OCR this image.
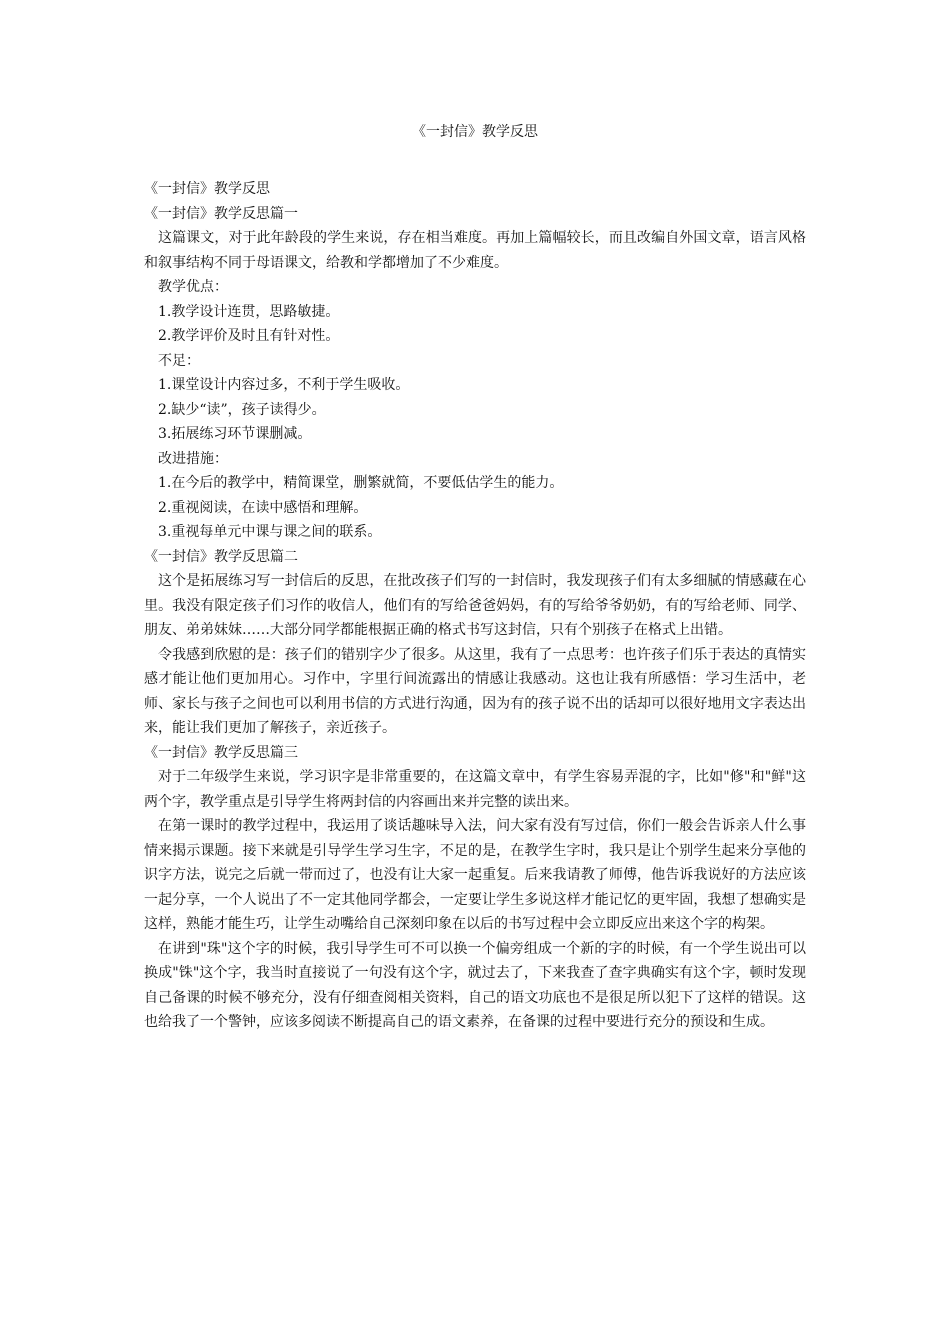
《一封信》教学反思

《一封信》教学反思

《一封信》教学反思篇一

这篇课文，对于此年龄段的学生来说，存在相当难度。再加上篇幅较长，而且改编自外国文章，语言风格和叙事结构不同于母语课文，给教和学都增加了不少难度。

教学优点：

1.教学设计连贯，思路敏捷。

2.教学评价及时且有针对性。

不足：

1.课堂设计内容过多，不利于学生吸收。

2.缺少“读”，孩子读得少。

3.拓展练习环节课删减。

改进措施：

1.在今后的教学中，精简课堂，删繁就简，不要低估学生的能力。

2.重视阅读，在读中感悟和理解。

3.重视每单元中课与课之间的联系。

《一封信》教学反思篇二

这个是拓展练习写一封信后的反思，在批改孩子们写的一封信时，我发现孩子们有太多细腻的情感藏在心里。我没有限定孩子们习作的收信人，他们有的写给爸爸妈妈，有的写给爷爷奶奶，有的写给老师、同学、朋友、弟弟妹妹……大部分同学都能根据正确的格式书写这封信，只有个别孩子在格式上出错。

令我感到欣慰的是：孩子们的错别字少了很多。从这里，我有了一点思考：也许孩子们乐于表达的真情实感才能让他们更加用心。习作中，字里行间流露出的情感让我感动。这也让我有所感悟：学习生活中，老师、家长与孩子之间也可以利用书信的方式进行沟通，因为有的孩子说不出的话却可以很好地用文字表达出来，能让我们更加了解孩子，亲近孩子。

《一封信》教学反思篇三

对于二年级学生来说，学习识字是非常重要的，在这篇文章中，有学生容易弄混的字，比如"修"和"鲜"这两个字，教学重点是引导学生将两封信的内容画出来并完整的读出来。

在第一课时的教学过程中，我运用了谈话趣味导入法，问大家有没有写过信，你们一般会告诉亲人什么事情来揭示课题。接下来就是引导学生学习生字，不足的是，在教学生字时，我只是让个别学生起来分享他的识字方法，说完之后就一带而过了，也没有让大家一起重复。后来我请教了师傅，他告诉我说好的方法应该一起分享，一个人说出了不一定其他同学都会，一定要让学生多说这样才能记忆的更牢固，我想了想确实是这样，熟能才能生巧，让学生动嘴给自己深刻印象在以后的书写过程中会立即反应出来这个字的构架。

在讲到"珠"这个字的时候，我引导学生可不可以换一个偏旁组成一个新的字的时候，有一个学生说出可以换成"铢"这个字，我当时直接说了一句没有这个字，就过去了，下来我查了查字典确实有这个字，顿时发现自己备课的时候不够充分，没有仔细查阅相关资料，自己的语文功底也不是很足所以犯下了这样的错误。这也给我了一个警钟，应该多阅读不断提高自己的语文素养，在备课的过程中要进行充分的预设和生成。
